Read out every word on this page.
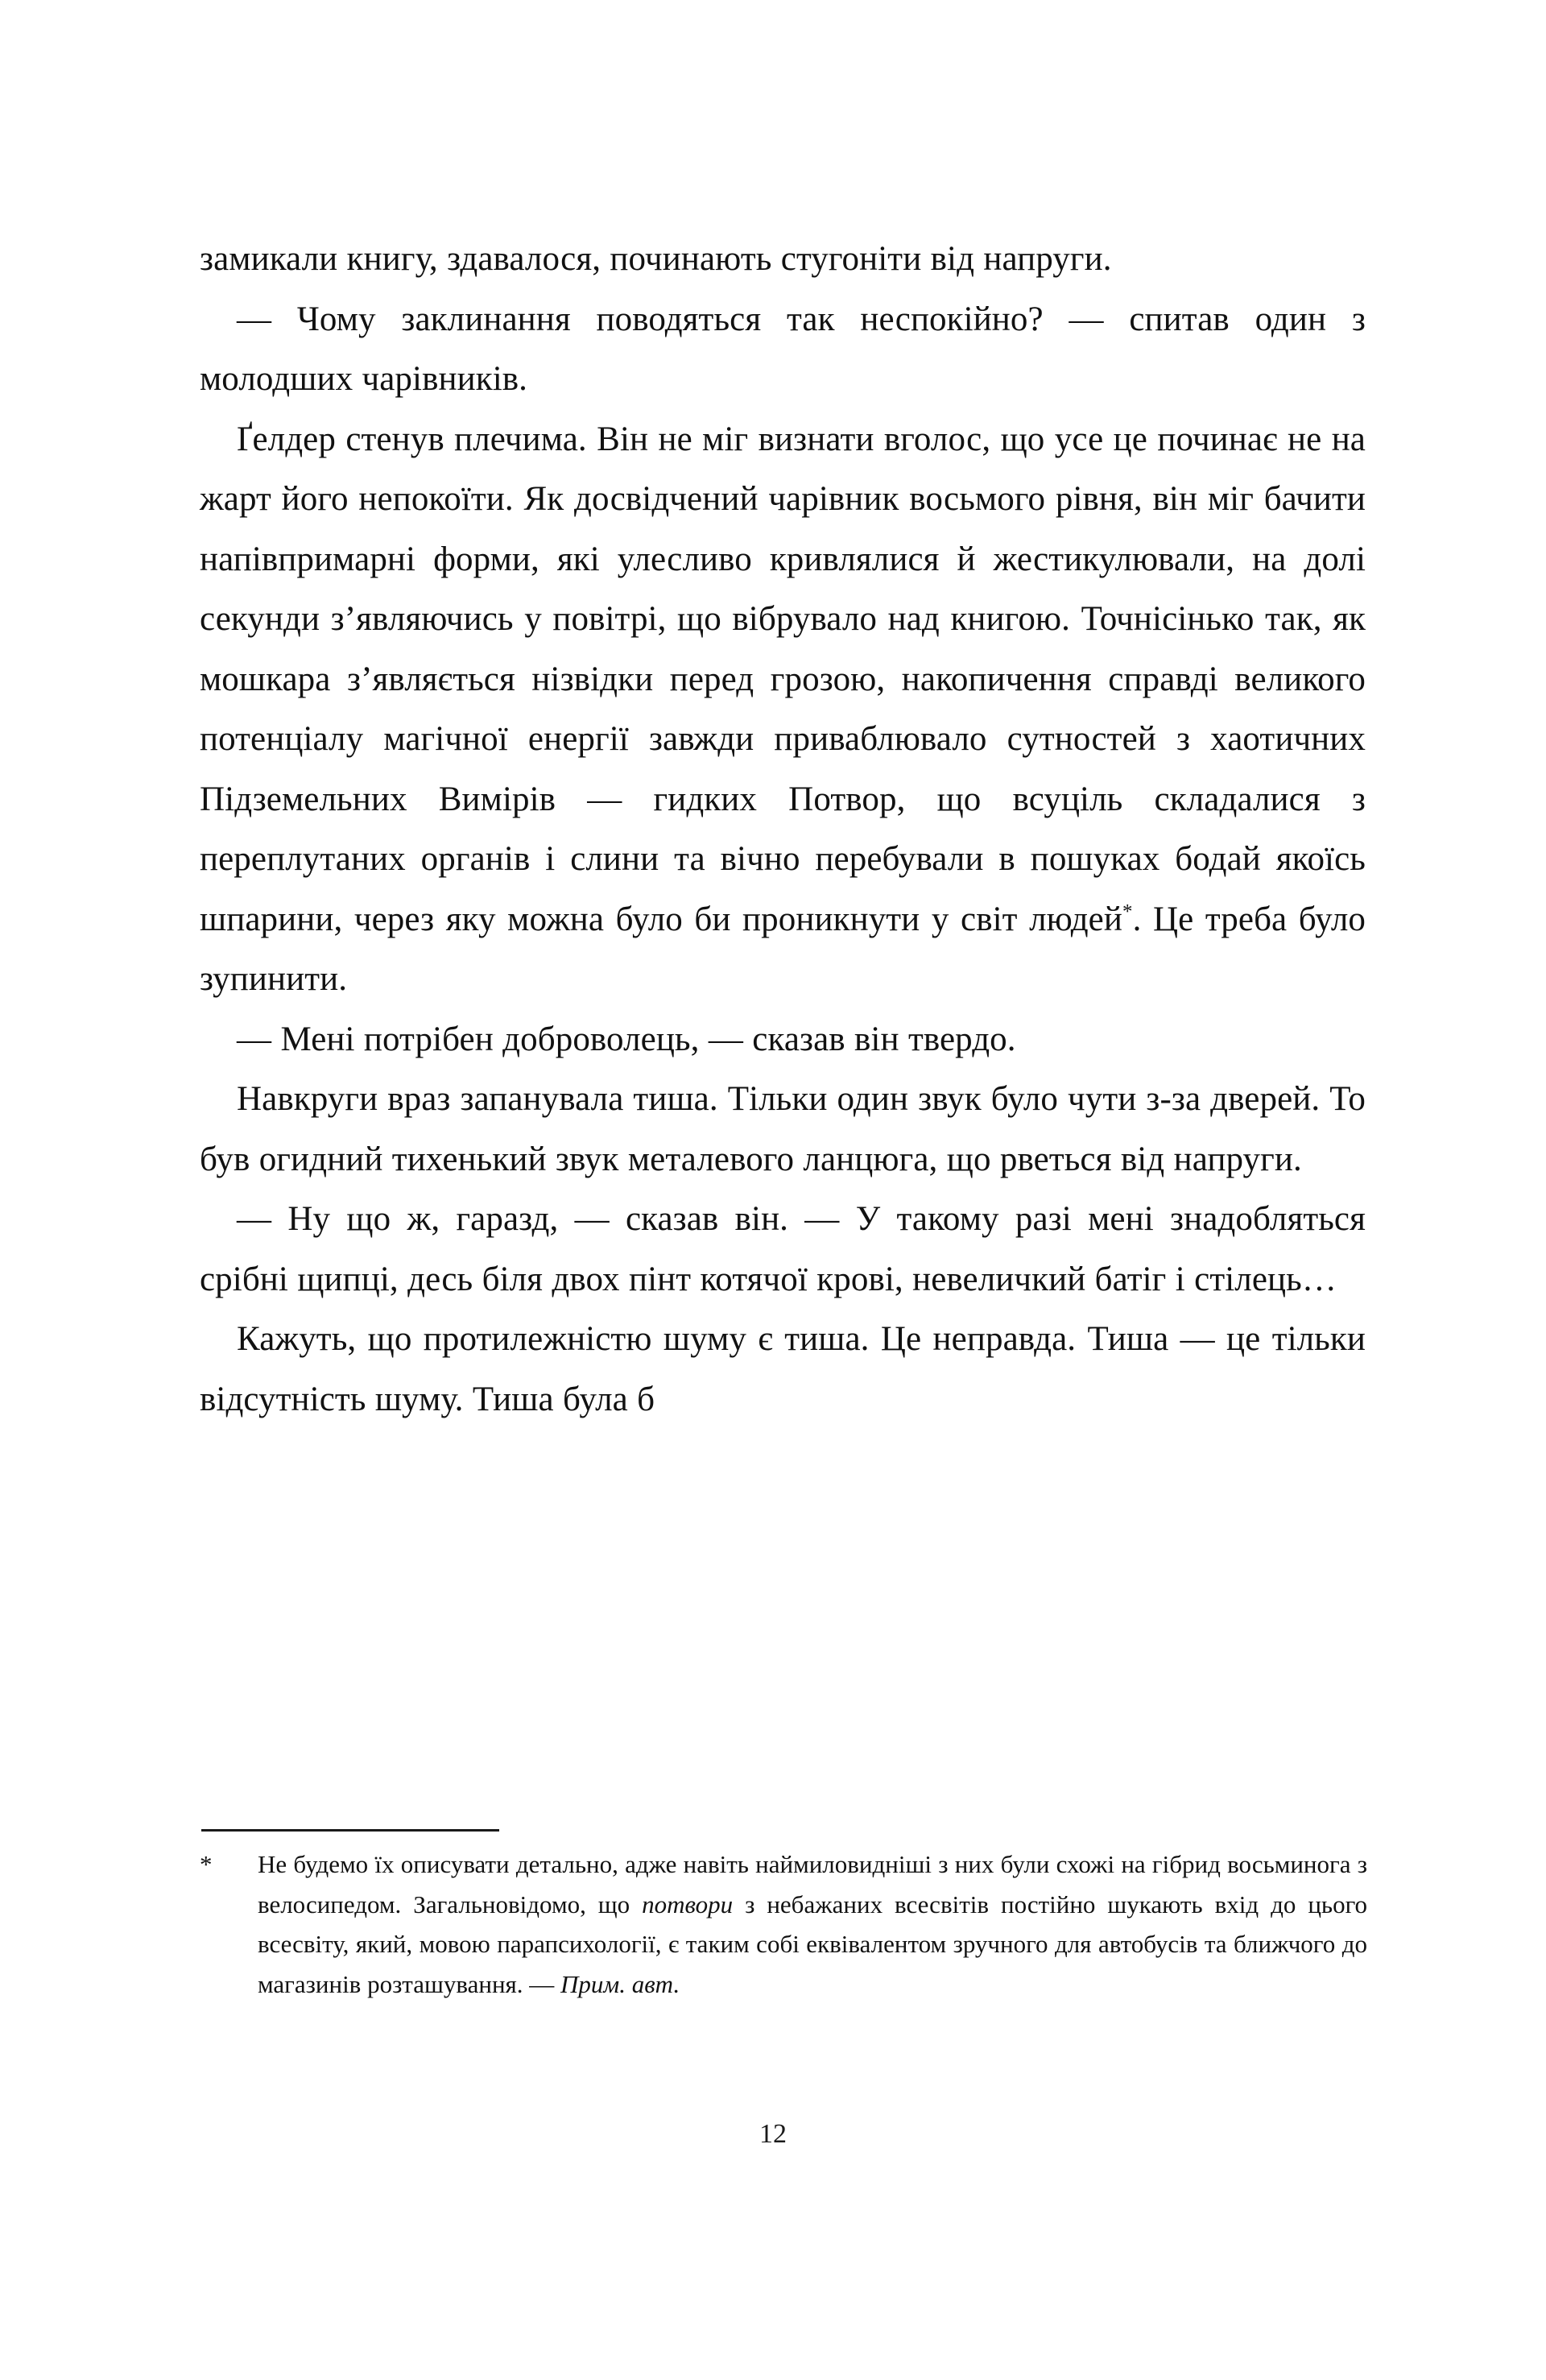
замикали книгу, здавалося, починають стугоніти від напруги.

— Чому заклинання поводяться так неспокійно? — спитав один з молодших чарівників.

Ґелдер стенув плечима. Він не міг визнати вголос, що усе це починає не на жарт його непокоїти. Як досвідчений чарівник восьмого рівня, він міг бачити напівпримарні форми, які улесливо кривлялися й жестикулювали, на долі секунди з’являючись у повітрі, що вібрувало над книгою. Точнісінько так, як мошкара з’являється нізвідки перед грозою, накопичення справді великого потенціалу магічної енергії завжди приваблювало сутностей з хаотичних Підземельних Вимірів — гидких Потвор, що всуціль складалися з переплутаних органів і слини та вічно перебували в пошуках бодай якоїсь шпарини, через яку можна було би проникнути у світ людей*. Це треба було зупинити.

— Мені потрібен доброволець, — сказав він твердо.

Навкруги враз запанувала тиша. Тільки один звук було чути з-за дверей. То був огидний тихенький звук металевого ланцюга, що рветься від напруги.

— Ну що ж, гаразд, — сказав він. — У такому разі мені знадобляться срібні щипці, десь біля двох пінт котячої крові, невеличкий батіг і стілець…

Кажуть, що протилежністю шуму є тиша. Це неправда. Тиша — це тільки відсутність шуму. Тиша була б

* Не будемо їх описувати детально, адже навіть наймиловидніші з них були схожі на гібрид восьминога з велосипедом. Загальновідомо, що потвори з небажаних всесвітів постійно шукають вхід до цього всесвіту, який, мовою парапсихології, є таким собі еквівалентом зручного для автобусів та ближчого до магазинів розташування. — Прим. авт.

12
